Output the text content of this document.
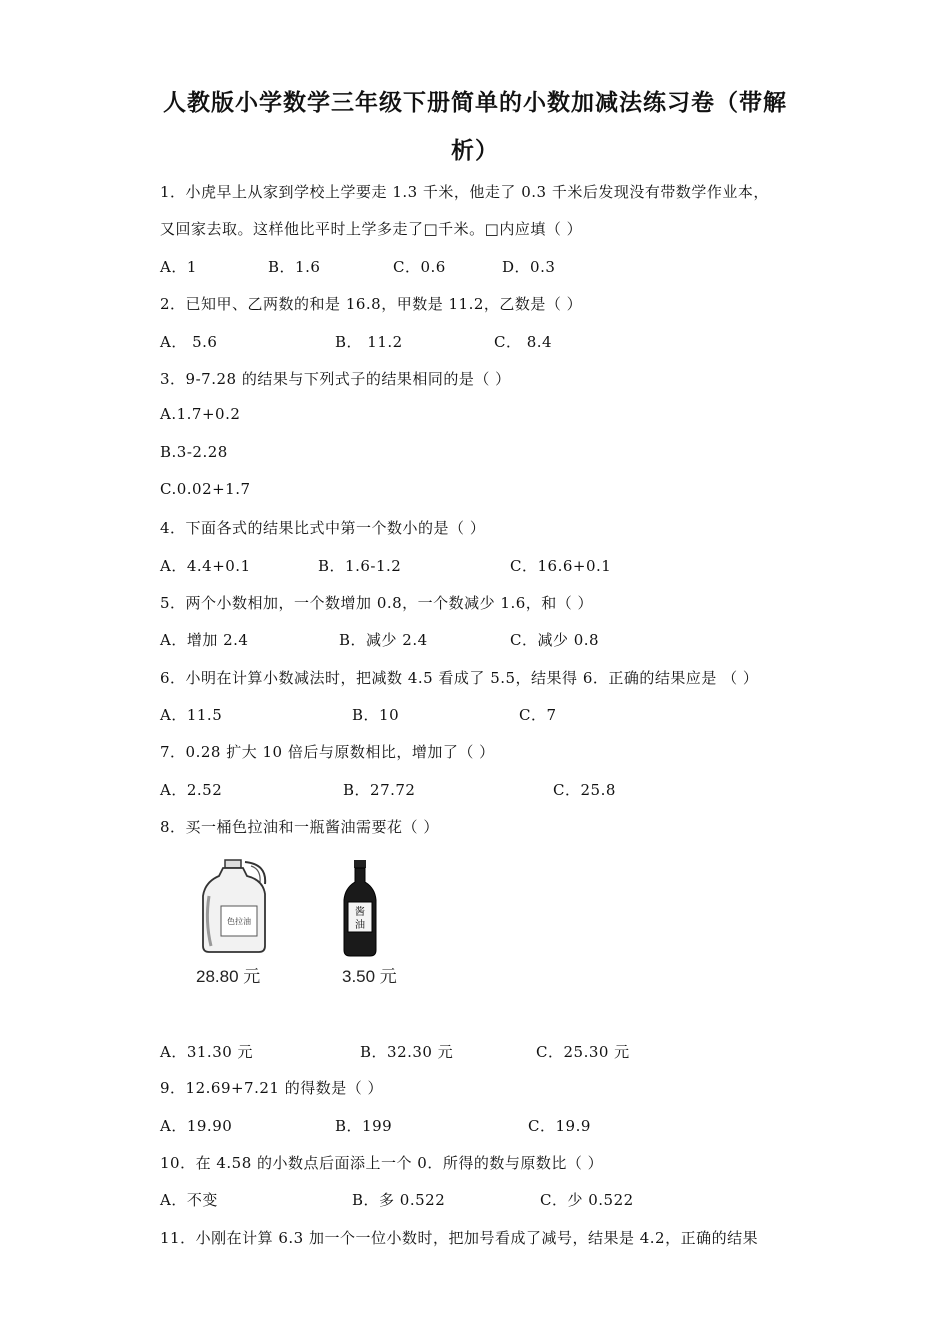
人教版小学数学三年级下册简单的小数加减法练习卷（带解
析）
1．小虎早上从家到学校上学要走 1.3 千米，他走了 0.3 千米后发现没有带数学作业本，
又回家去取。这样他比平时上学多走了□千米。□内应填（ ）
A．1	B．1.6	C．0.6	D．0.3
2．已知甲、乙两数的和是 16.8，甲数是 11.2，乙数是（ ）
A． 5.6	B． 11.2	C． 8.4
3．9-7.28 的结果与下列式子的结果相同的是（ ）
A.1.7+0.2
B.3-2.28
C.0.02+1.7
4．下面各式的结果比式中第一个数小的是（ ）
A．4.4+0.1	B．1.6-1.2	C．16.6+0.1
5．两个小数相加，一个数增加 0.8，一个数减少 1.6，和（ ）
A．增加 2.4	B．减少 2.4	C．减少 0.8
6．小明在计算小数减法时，把减数 4.5 看成了 5.5，结果得 6．正确的结果应是 （ ）
A．11.5	B．10	C．7
7．0.28 扩大 10 倍后与原数相比，增加了（ ）
A．2.52	B．27.72	C．25.8
8．买一桶色拉油和一瓶酱油需要花（ ）
色拉油
28.80 元
酱
油
3.50 元
A．31.30 元	B．32.30 元	C．25.30 元
9．12.69+7.21 的得数是（ ）
A．19.90	B．199	C．19.9
10．在 4.58 的小数点后面添上一个 0．所得的数与原数比（ ）
A．不变	B．多 0.522	C．少 0.522
11．小刚在计算 6.3 加一个一位小数时，把加号看成了减号，结果是 4.2，正确的结果
